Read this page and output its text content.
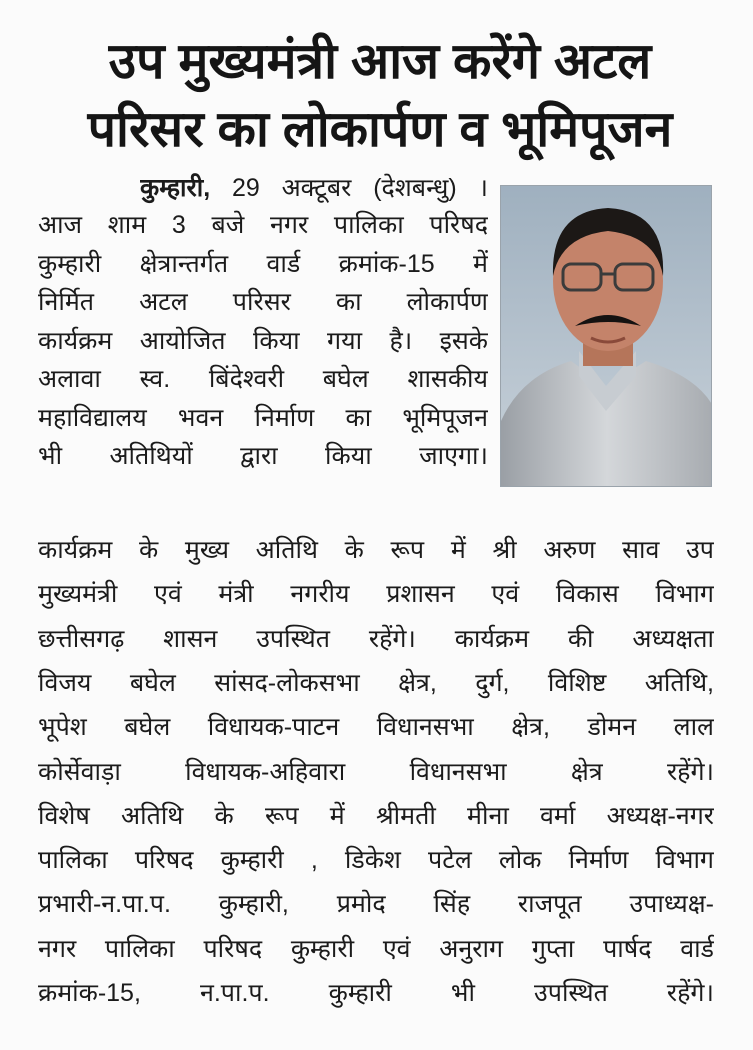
उप मुख्यमंत्री आज करेंगे अटल
परिसर का लोकार्पण व भूमिपूजन
कुम्हारी, 29 अक्टूबर (देशबन्धु) ।
आज शाम 3 बजे नगर पालिका परिषद
कुम्हारी क्षेत्रान्तर्गत वार्ड क्रमांक-15 में
निर्मित अटल परिसर का लोकार्पण
कार्यक्रम आयोजित किया गया है। इसके
अलावा स्व. बिंदेश्वरी बघेल शासकीय
महाविद्यालय भवन निर्माण का भूमिपूजन
भी अतिथियों द्वारा किया जाएगा।
कार्यक्रम के मुख्य अतिथि के रूप में श्री अरुण साव उप
मुख्यमंत्री एवं मंत्री नगरीय प्रशासन एवं विकास विभाग
छत्तीसगढ़ शासन उपस्थित रहेंगे। कार्यक्रम की अध्यक्षता
विजय बघेल सांसद-लोकसभा क्षेत्र, दुर्ग, विशिष्ट अतिथि,
भूपेश बघेल विधायक-पाटन विधानसभा क्षेत्र, डोमन लाल
कोर्सेवाड़ा विधायक-अहिवारा विधानसभा क्षेत्र रहेंगे।
विशेष अतिथि के रूप में श्रीमती मीना वर्मा अध्यक्ष-नगर
पालिका परिषद कुम्हारी , डिकेश पटेल लोक निर्माण विभाग
प्रभारी-न.पा.प. कुम्हारी, प्रमोद सिंह राजपूत उपाध्यक्ष-
नगर पालिका परिषद कुम्हारी एवं अनुराग गुप्ता पार्षद वार्ड
क्रमांक-15, न.पा.प. कुम्हारी भी उपस्थित रहेंगे।
